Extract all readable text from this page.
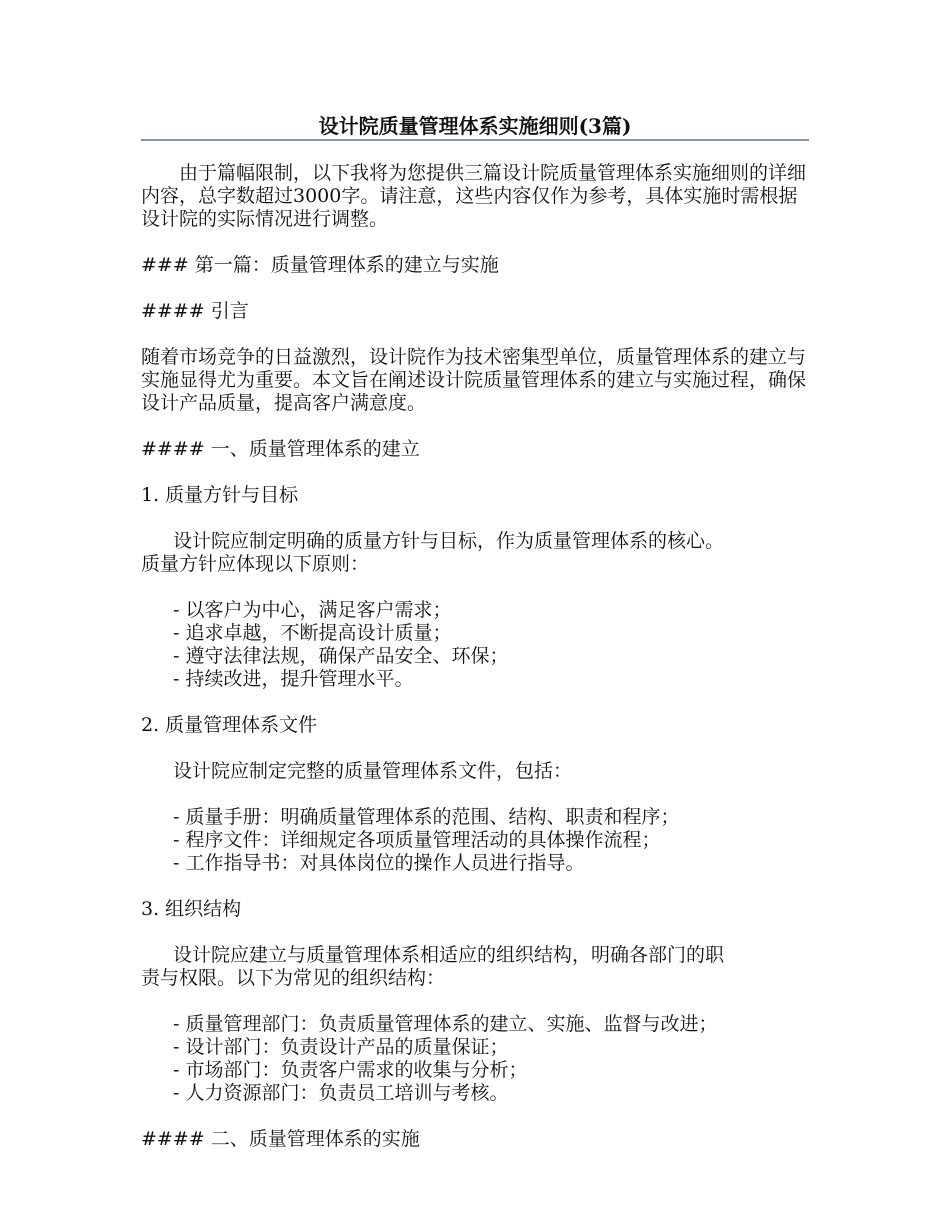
设计院质量管理体系实施细则(3篇)

由于篇幅限制，以下我将为您提供三篇设计院质量管理体系实施细则的详细内容，总字数超过3000字。请注意，这些内容仅作为参考，具体实施时需根据设计院的实际情况进行调整。

### 第一篇：质量管理体系的建立与实施

#### 引言

随着市场竞争的日益激烈，设计院作为技术密集型单位，质量管理体系的建立与实施显得尤为重要。本文旨在阐述设计院质量管理体系的建立与实施过程，确保设计产品质量，提高客户满意度。

#### 一、质量管理体系的建立

1. 质量方针与目标

设计院应制定明确的质量方针与目标，作为质量管理体系的核心。

质量方针应体现以下原则：

- 以客户为中心，满足客户需求；

- 追求卓越，不断提高设计质量；

- 遵守法律法规，确保产品安全、环保；

- 持续改进，提升管理水平。

2. 质量管理体系文件

设计院应制定完整的质量管理体系文件，包括：

- 质量手册：明确质量管理体系的范围、结构、职责和程序；

- 程序文件：详细规定各项质量管理活动的具体操作流程；

- 工作指导书：对具体岗位的操作人员进行指导。

3. 组织结构

设计院应建立与质量管理体系相适应的组织结构，明确各部门的职

责与权限。以下为常见的组织结构：

- 质量管理部门：负责质量管理体系的建立、实施、监督与改进；

- 设计部门：负责设计产品的质量保证；

- 市场部门：负责客户需求的收集与分析；

- 人力资源部门：负责员工培训与考核。

#### 二、质量管理体系的实施
